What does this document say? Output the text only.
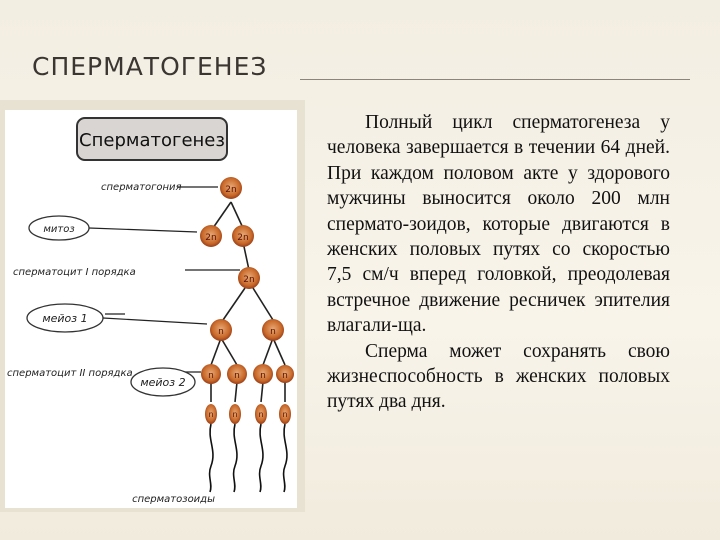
СПЕРМАТОГЕНЕЗ
Сперматогенез
2n
2n 2n
2n
n	n
n n n n
n n	n n
сперматогония
митоз
сперматоцит I порядка
мейоз 1
сперматоцит II порядка
мейоз 2
сперматозоиды

Полный цикл сперматогенеза у человека завершается в течении 64 дней. При каждом половом акте у здорового мужчины выносится около 200 млн спермато-зоидов, которые двигаются в женских половых путях со скоростью 7,5 см/ч вперед головкой, преодолевая встречное движение ресничек эпителия влагали-ща.

Сперма может сохранять свою жизнеспособность в женских половых путях два дня.
